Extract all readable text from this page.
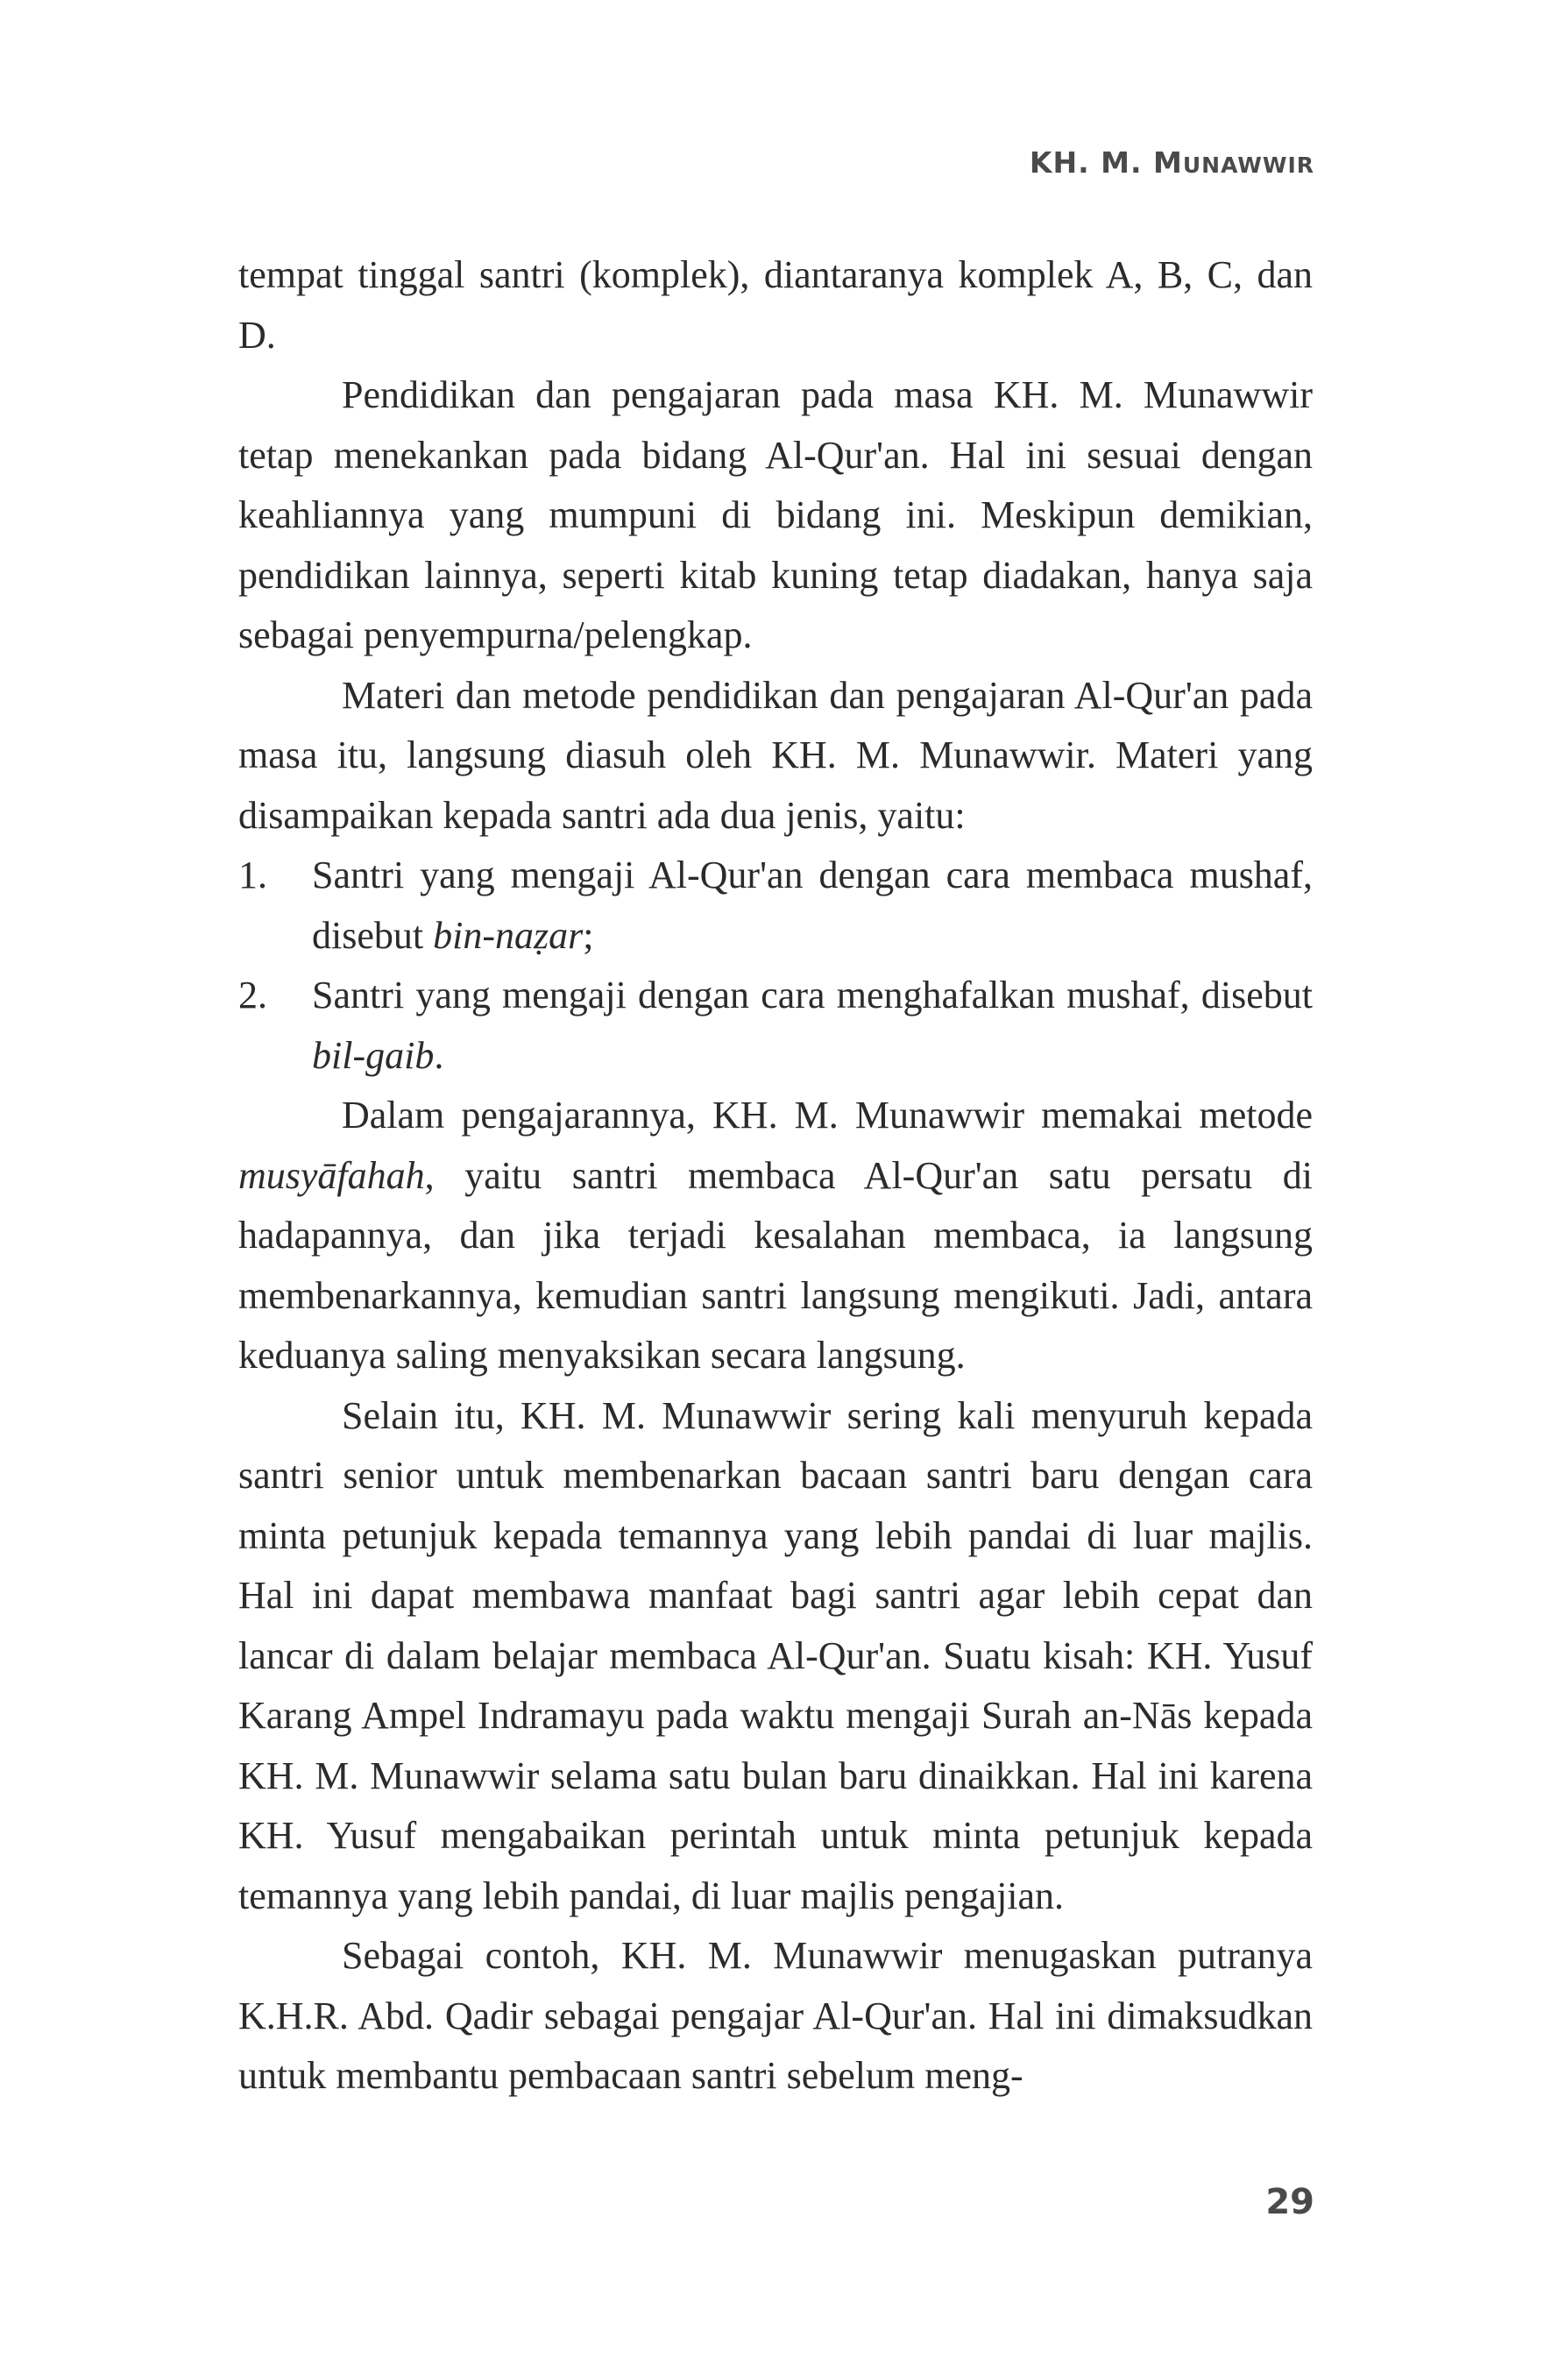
KH. M. MUNAWWIR

tempat tinggal santri (komplek), diantaranya komplek A, B, C, dan D.

Pendidikan dan pengajaran pada masa KH. M. Munawwir tetap menekankan pada bidang Al-Qur'an. Hal ini sesuai dengan keahliannya yang mumpuni di bidang ini. Meskipun demikian, pendidikan lainnya, seperti kitab kuning tetap diadakan, hanya saja sebagai penyempurna/pelengkap.

Materi dan metode pendidikan dan pengajaran Al-Qur'an pada masa itu, langsung diasuh oleh KH. M. Munawwir. Materi yang disampaikan kepada santri ada dua jenis, yaitu:

1. Santri yang mengaji Al-Qur'an dengan cara membaca mushaf, disebut bin-naẓar;
2. Santri yang mengaji dengan cara menghafalkan mushaf, disebut bil-gaib.

Dalam pengajarannya, KH. M. Munawwir memakai metode musyāfahah, yaitu santri membaca Al-Qur'an satu persatu di hadapannya, dan jika terjadi kesalahan membaca, ia langsung membenarkannya, kemudian santri langsung mengikuti. Jadi, antara keduanya saling menyaksikan secara langsung.

Selain itu, KH. M. Munawwir sering kali menyuruh kepada santri senior untuk membenarkan bacaan santri baru dengan cara minta petunjuk kepada temannya yang lebih pandai di luar majlis. Hal ini dapat membawa manfaat bagi santri agar lebih cepat dan lancar di dalam belajar membaca Al-Qur'an. Suatu kisah: KH. Yusuf Karang Ampel Indramayu pada waktu mengaji Surah an-Nās kepada KH. M. Munawwir selama satu bulan baru dinaikkan. Hal ini karena KH. Yusuf mengabaikan perintah untuk minta petunjuk kepada temannya yang lebih pandai, di luar majlis pengajian.

Sebagai contoh, KH. M. Munawwir menugaskan putranya K.H.R. Abd. Qadir sebagai pengajar Al-Qur'an. Hal ini dimaksudkan untuk membantu pembacaan santri sebelum meng-

29
